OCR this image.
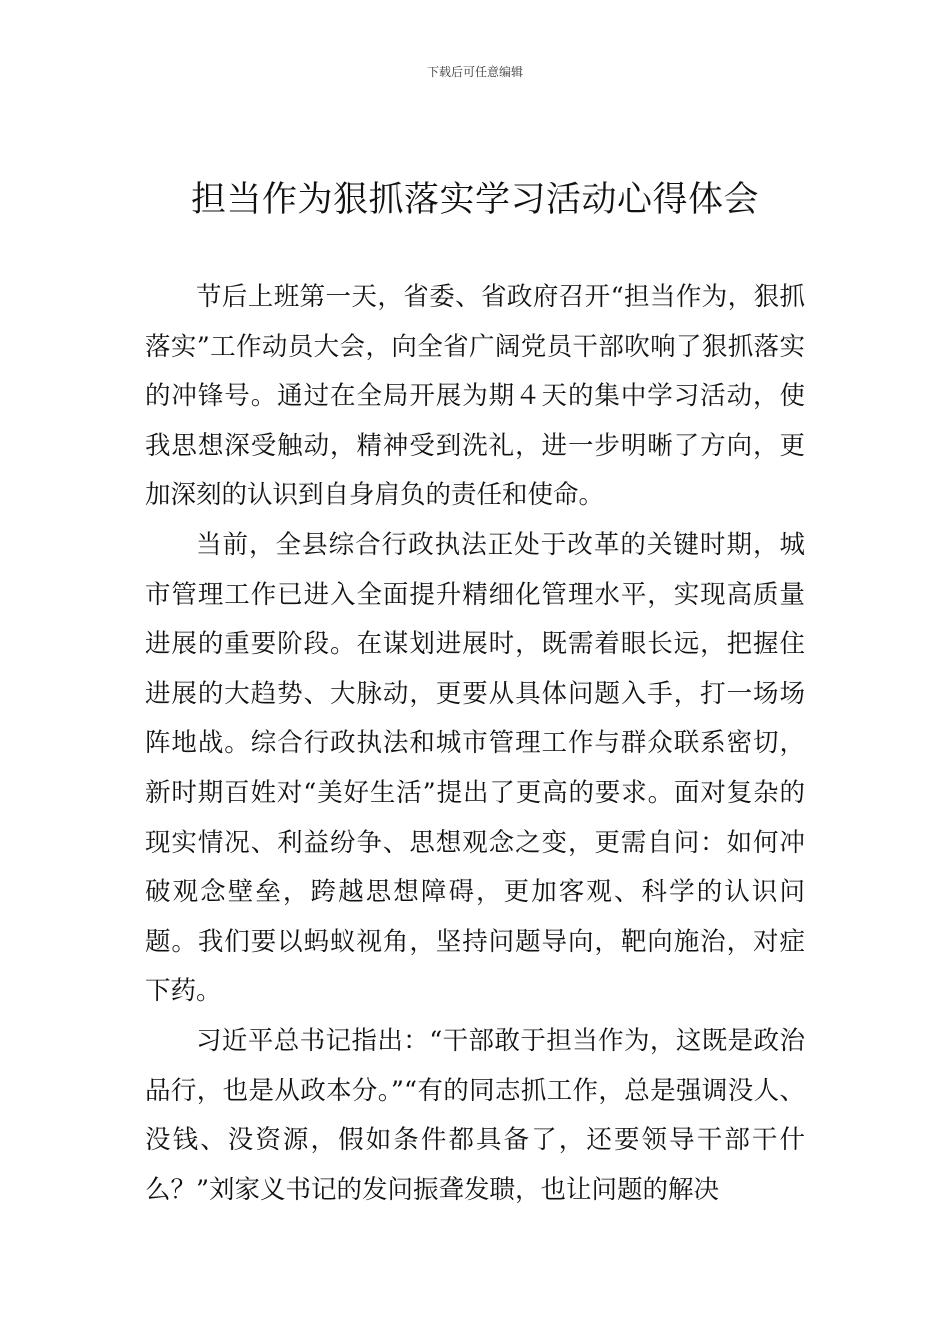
下载后可任意编辑
担当作为狠抓落实学习活动心得体会

节后上班第一天，省委、省政府召开“担当作为，狠抓落实”工作动员大会，向全省广阔党员干部吹响了狠抓落实的冲锋号。通过在全局开展为期４天的集中学习活动，使我思想深受触动，精神受到洗礼，进一步明晰了方向，更加深刻的认识到自身肩负的责任和使命。

当前，全县综合行政执法正处于改革的关键时期，城市管理工作已进入全面提升精细化管理水平，实现高质量进展的重要阶段。在谋划进展时，既需着眼长远，把握住进展的大趋势、大脉动，更要从具体问题入手，打一场场阵地战。综合行政执法和城市管理工作与群众联系密切，新时期百姓对“美好生活”提出了更高的要求。面对复杂的现实情况、利益纷争、思想观念之变，更需自问：如何冲破观念壁垒，跨越思想障碍，更加客观、科学的认识问题。我们要以蚂蚁视角，坚持问题导向，靶向施治，对症下药。

习近平总书记指出：“干部敢于担当作为，这既是政治品行，也是从政本分。”“有的同志抓工作，总是强调没人、没钱、没资源，假如条件都具备了，还要领导干部干什么？”刘家义书记的发问振聋发聩，也让问题的解决
